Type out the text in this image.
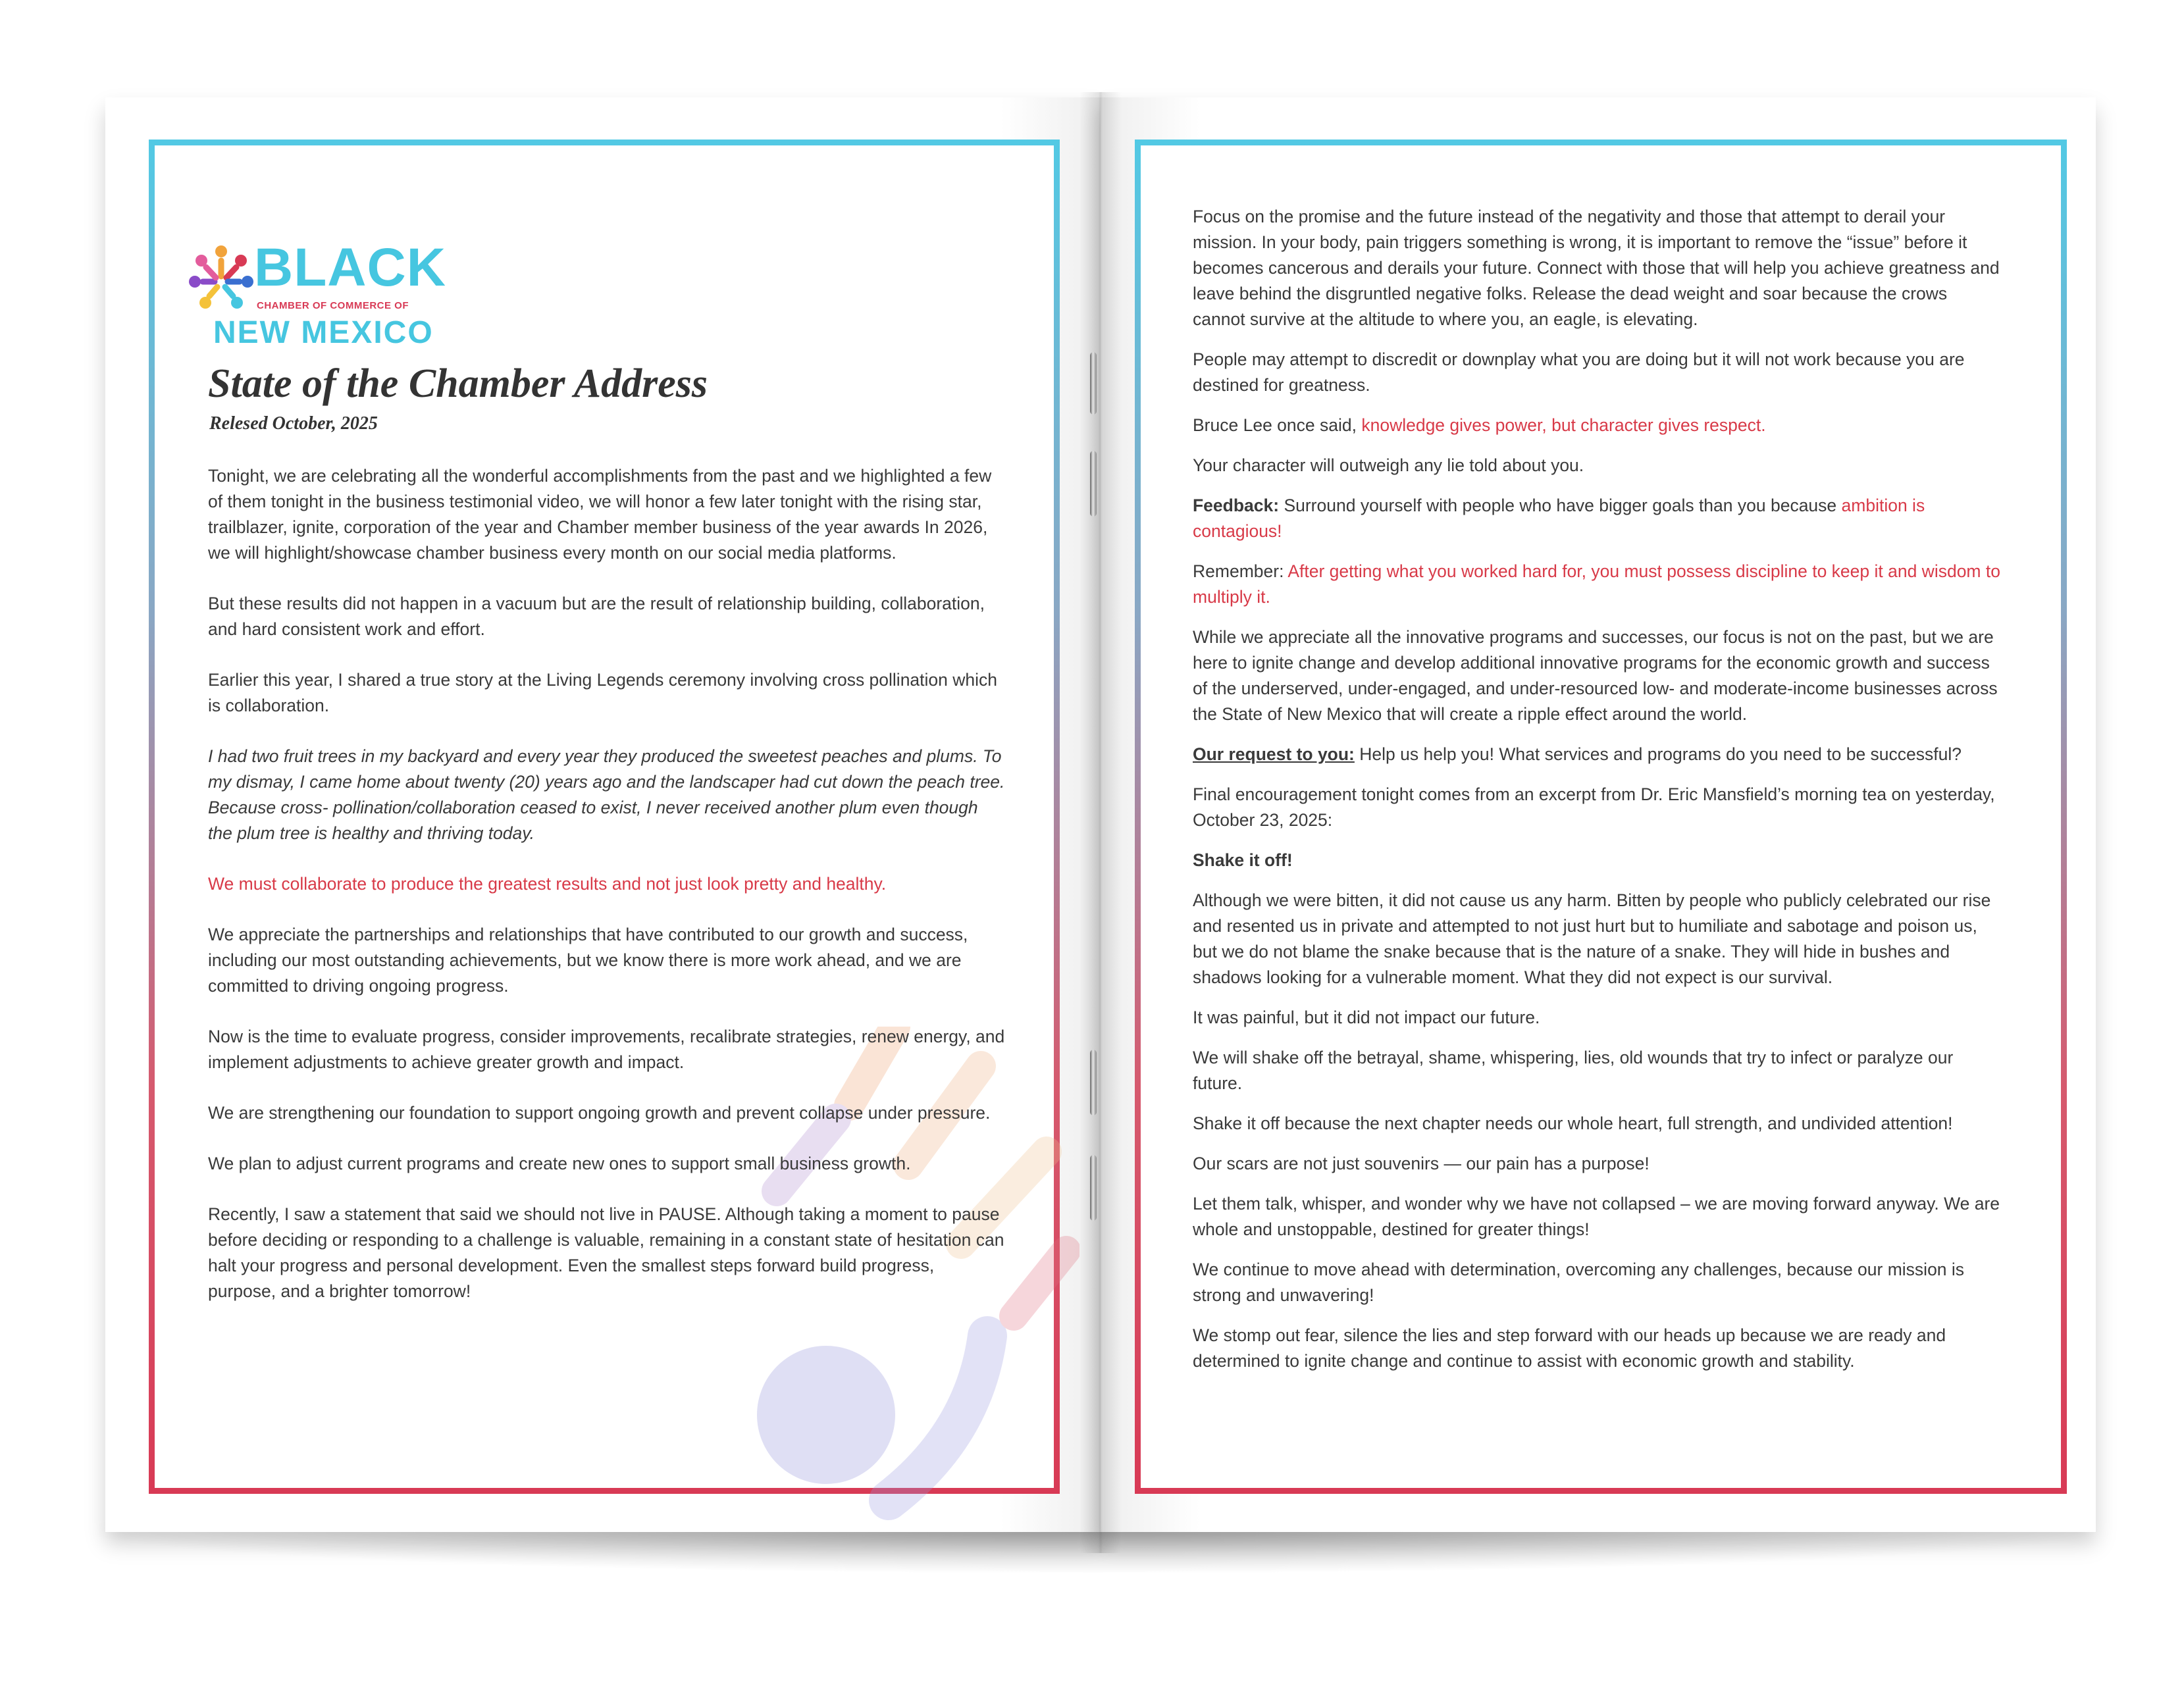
BLACK
CHAMBER OF COMMERCE OF
NEW MEXICO
State of the Chamber Address

Relesed October, 2025

Tonight, we are celebrating all the wonderful accomplishments from the past and we highlighted a few of them tonight in the business testimonial video, we will honor a few later tonight with the rising star, trailblazer, ignite, corporation of the year and Chamber member business of the year awards In 2026, we will highlight/showcase chamber business every month on our social media platforms.

But these results did not happen in a vacuum but are the result of relationship building, collaboration, and hard consistent work and effort.

Earlier this year, I shared a true story at the Living Legends ceremony involving cross pollination which is collaboration.

I had two fruit trees in my backyard and every year they produced the sweetest peaches and plums. To my dismay, I came home about twenty (20) years ago and the landscaper had cut down the peach tree. Because cross- pollination/collaboration ceased to exist, I never received another plum even though the plum tree is healthy and thriving today.

We must collaborate to produce the greatest results and not just look pretty and healthy.

We appreciate the partnerships and relationships that have contributed to our growth and success, including our most outstanding achievements, but we know there is more work ahead, and we are committed to driving ongoing progress.

Now is the time to evaluate progress, consider improvements, recalibrate strategies, renew energy, and implement adjustments to achieve greater growth and impact.

We are strengthening our foundation to support ongoing growth and prevent collapse under pressure.

We plan to adjust current programs and create new ones to support small business growth.

Recently, I saw a statement that said we should not live in PAUSE. Although taking a moment to pause before deciding or responding to a challenge is valuable, remaining in a constant state of hesitation can halt your progress and personal development. Even the smallest steps forward build progress, purpose, and a brighter tomorrow!

Focus on the promise and the future instead of the negativity and those that attempt to derail your mission. In your body, pain triggers something is wrong, it is important to remove the “issue” before it becomes cancerous and derails your future. Connect with those that will help you achieve greatness and leave behind the disgruntled negative folks. Release the dead weight and soar because the crows cannot survive at the altitude to where you, an eagle, is elevating.

People may attempt to discredit or downplay what you are doing but it will not work because you are destined for greatness.

Bruce Lee once said, knowledge gives power, but character gives respect.

Your character will outweigh any lie told about you.

Feedback: Surround yourself with people who have bigger goals than you because ambition is contagious!

Remember: After getting what you worked hard for, you must possess discipline to keep it and wisdom to multiply it.

While we appreciate all the innovative programs and successes, our focus is not on the past, but we are here to ignite change and develop additional innovative programs for the economic growth and success of the underserved, under-engaged, and under-resourced low- and moderate-income businesses across the State of New Mexico that will create a ripple effect around the world.

Our request to you: Help us help you! What services and programs do you need to be successful?

Final encouragement tonight comes from an excerpt from Dr. Eric Mansfield’s morning tea on yesterday, October 23, 2025:

Shake it off!

Although we were bitten, it did not cause us any harm. Bitten by people who publicly celebrated our rise and resented us in private and attempted to not just hurt but to humiliate and sabotage and poison us, but we do not blame the snake because that is the nature of a snake. They will hide in bushes and shadows looking for a vulnerable moment. What they did not expect is our survival.

It was painful, but it did not impact our future.

We will shake off the betrayal, shame, whispering, lies, old wounds that try to infect or paralyze our future.

Shake it off because the next chapter needs our whole heart, full strength, and undivided attention!

Our scars are not just souvenirs — our pain has a purpose!

Let them talk, whisper, and wonder why we have not collapsed – we are moving forward anyway. We are whole and unstoppable, destined for greater things!

We continue to move ahead with determination, overcoming any challenges, because our mission is strong and unwavering!

We stomp out fear, silence the lies and step forward with our heads up because we are ready and determined to ignite change and continue to assist with economic growth and stability.
